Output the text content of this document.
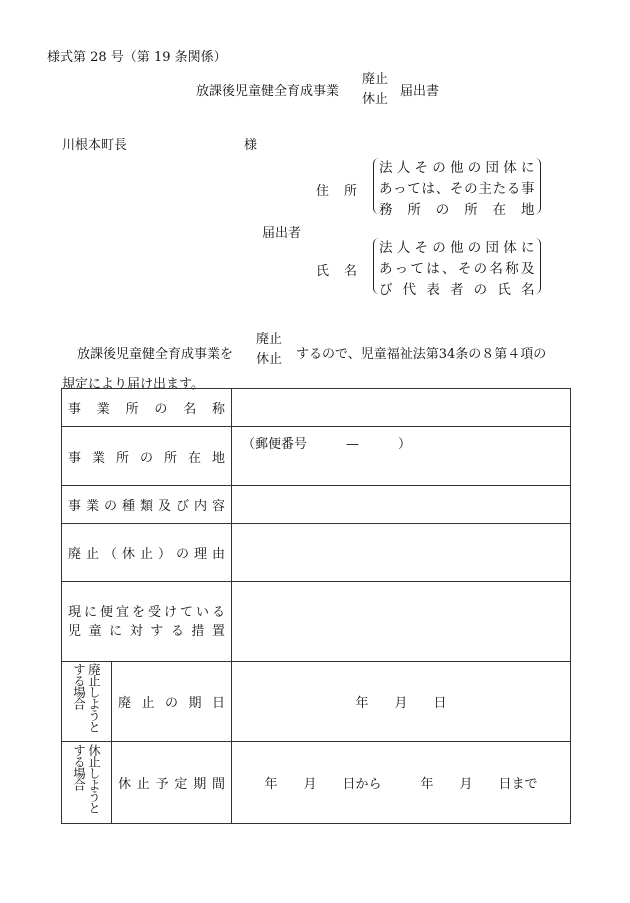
様式第 28 号（第 19 条関係）
放課後児童健全育成事業
廃止
休止
届出書
川根本町長	様
住　所
法人その他の団体に
あっては、その主たる事
務　所　の　所　在　地
届出者
氏　名
法人その他の団体に
あっては、その名称及
び代表者の氏名
放課後児童健全育成事業を
廃止
休止	するので、児童福祉法第34条の８第４項の
規定により届け出ます。
事業所の名称		

事業所の所在地		（郵便番号　　　—　　　）

事業の種類及び内容		

廃止（休止）の理由		

現に便宜を受けている
児童に対する措置		

廃止しようとする場合	廃止の期日	年　　月　　日

休止しようとする場合	休止予定期間	年　　月　　日から　　　年　　月　　日まで
